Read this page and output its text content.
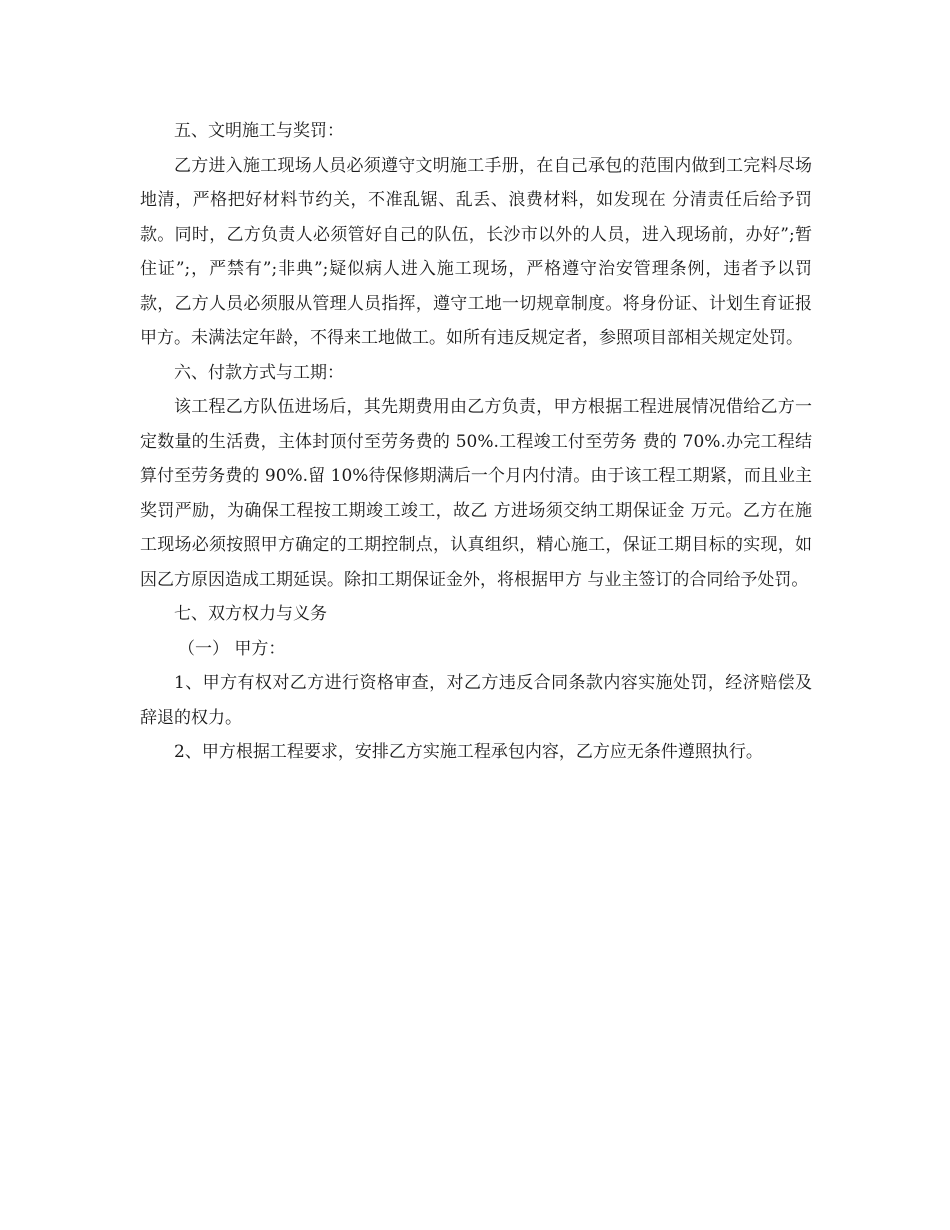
五、文明施工与奖罚：

乙方进入施工现场人员必须遵守文明施工手册，在自己承包的范围内做到工完料尽场地清，严格把好材料节约关，不准乱锯、乱丢、浪费材料，如发现在 分清责任后给予罚款。同时，乙方负责人必须管好自己的队伍，长沙市以外的人员，进入现场前，办好”;暂住证”;，严禁有”;非典”;疑似病人进入施工现场，严格遵守治安管理条例，违者予以罚款，乙方人员必须服从管理人员指挥，遵守工地一切规章制度。将身份证、计划生育证报甲方。未满法定年龄，不得来工地做工。如所有违反规定者，参照项目部相关规定处罚。

六、付款方式与工期：

该工程乙方队伍进场后，其先期费用由乙方负责，甲方根据工程进展情况借给乙方一定数量的生活费，主体封顶付至劳务费的 50%.工程竣工付至劳务 费的 70%.办完工程结算付至劳务费的 90%.留 10%待保修期满后一个月内付清。由于该工程工期紧，而且业主奖罚严励，为确保工程按工期竣工竣工，故乙 方进场须交纳工期保证金 万元。乙方在施工现场必须按照甲方确定的工期控制点，认真组织，精心施工，保证工期目标的实现，如因乙方原因造成工期延误。除扣工期保证金外，将根据甲方 与业主签订的合同给予处罚。

七、双方权力与义务

（一） 甲方：

1、甲方有权对乙方进行资格审查，对乙方违反合同条款内容实施处罚，经济赔偿及辞退的权力。

2、甲方根据工程要求，安排乙方实施工程承包内容，乙方应无条件遵照执行。
